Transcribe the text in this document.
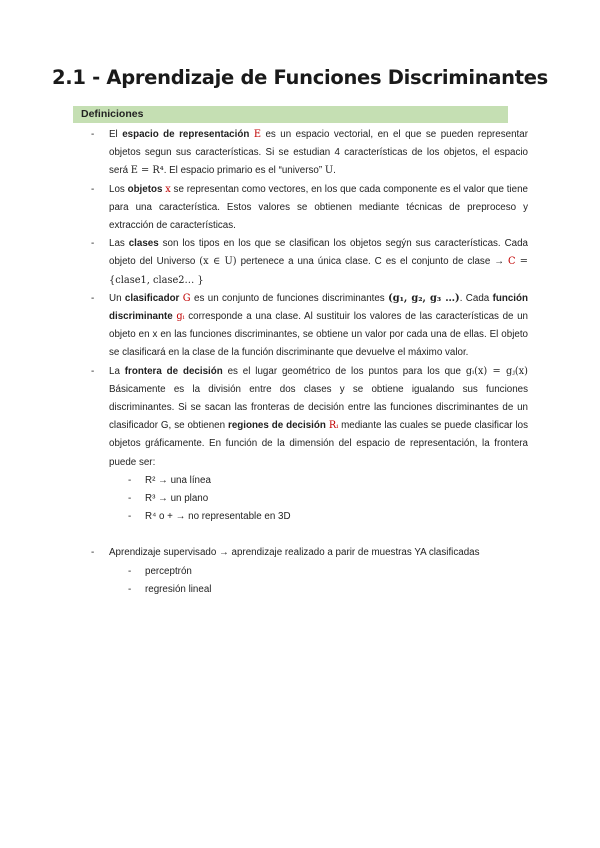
2.1 - Aprendizaje de Funciones Discriminantes
Definiciones
- El espacio de representación E es un espacio vectorial, en el que se pueden representar objetos segun sus características. Si se estudian 4 características de los objetos, el espacio será E = R⁴. El espacio primario es el “universo” U.
- Los objetos x se representan como vectores, en los que cada componente es el valor que tiene para una característica. Estos valores se obtienen mediante técnicas de preproceso y extracción de características.
- Las clases son los tipos en los que se clasifican los objetos segýn sus características. Cada objeto del Universo (x ∈ U) pertenece a una única clase. C es el conjunto de clase → C = {clase1, clase2… }
- Un clasificador G es un conjunto de funciones discriminantes (g₁, g₂, g₃ …). Cada función discriminante gᵢ corresponde a una clase. Al sustituir los valores de las características de un objeto en x en las funciones discriminantes, se obtiene un valor por cada una de ellas. El objeto se clasificará en la clase de la función discriminante que devuelve el máximo valor.
- La frontera de decisión es el lugar geométrico de los puntos para los que gᵢ(x) = gⱼ(x) Básicamente es la división entre dos clases y se obtiene igualando sus funciones discriminantes. Si se sacan las fronteras de decisión entre las funciones discriminantes de un clasificador G, se obtienen regiones de decisión Rᵢ mediante las cuales se puede clasificar los objetos gráficamente. En función de la dimensión del espacio de representación, la frontera puede ser:
- R² → una línea
- R³ → un plano
- R⁴ o + → no representable en 3D
- Aprendizaje supervisado → aprendizaje realizado a parir de muestras YA clasificadas
- perceptrón
- regresión lineal
